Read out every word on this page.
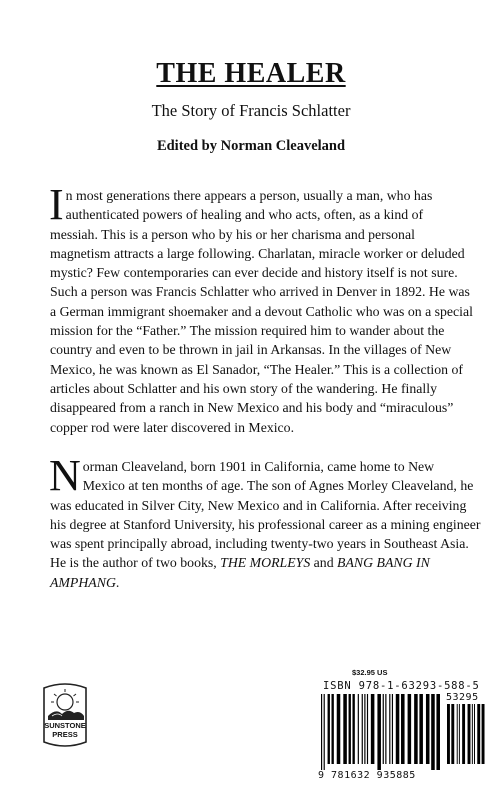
THE HEALER
The Story of Francis Schlatter
Edited by Norman Cleaveland
I n most generations there appears a person, usually a man, who has
authenticated powers of healing and who acts, often, as a kind of
messiah. This is a person who by his or her charisma and personal
magnetism attracts a large following. Charlatan, miracle worker or deluded
mystic? Few contemporaries can ever decide and history itself is not sure.
Such a person was Francis Schlatter who arrived in Denver in 1892. He was
a German immigrant shoemaker and a devout Catholic who was on a special
mission for the “Father.” The mission required him to wander about the
country and even to be thrown in jail in Arkansas. In the villages of New
Mexico, he was known as El Sanador, “The Healer.” This is a collection of
articles about Schlatter and his own story of the wandering. He finally
disappeared from a ranch in New Mexico and his body and “miraculous”
copper rod were later discovered in Mexico.
N orman Cleaveland, born 1901 in California, came home to New
Mexico at ten months of age. The son of Agnes Morley Cleaveland, he
was educated in Silver City, New Mexico and in California. After receiving
his degree at Stanford University, his professional career as a mining engineer
was spent principally abroad, including twenty-two years in Southeast Asia.
He is the author of two books, THE MORLEYS and BANG BANG IN
AMPHANG.
SUNSTONE
PRESS
$32.95 US
ISBN 978-1-63293-588-5
53295
9 781632 935885
